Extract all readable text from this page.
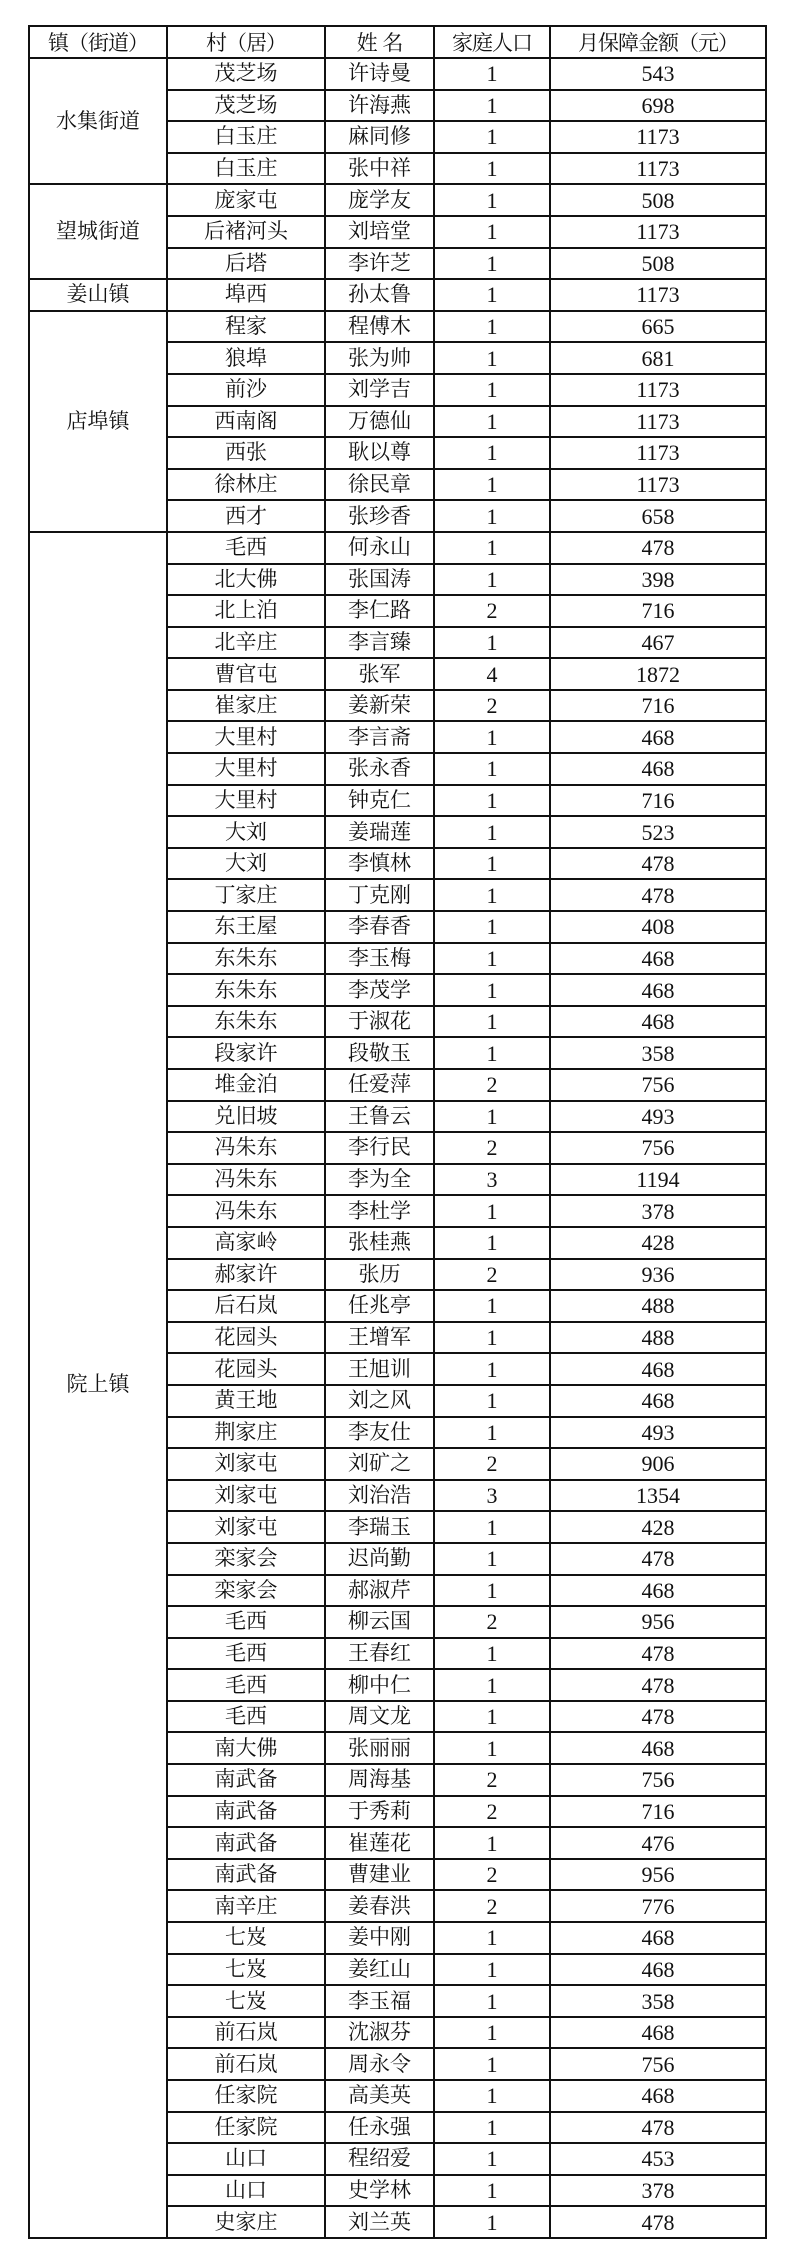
镇（街道）	村（居）	姓 名	家庭人口	月保障金额（元）
水集街道	茂芝场	许诗曼	1	543
	茂芝场	许海燕	1	698
	白玉庄	麻同修	1	1173
	白玉庄	张中祥	1	1173
望城街道	庞家屯	庞学友	1	508
	后褚河头	刘培堂	1	1173
	后塔	李许芝	1	508
姜山镇	埠西	孙太鲁	1	1173
店埠镇	程家	程傅木	1	665
	狼埠	张为帅	1	681
	前沙	刘学吉	1	1173
	西南阁	万德仙	1	1173
	西张	耿以尊	1	1173
	徐林庄	徐民章	1	1173
	西才	张珍香	1	658
院上镇	毛西	何永山	1	478
	北大佛	张国涛	1	398
	北上泊	李仁路	2	716
	北辛庄	李言臻	1	467
	曹官屯	张军	4	1872
	崔家庄	姜新荣	2	716
	大里村	李言斋	1	468
	大里村	张永香	1	468
	大里村	钟克仁	1	716
	大刘	姜瑞莲	1	523
	大刘	李慎林	1	478
	丁家庄	丁克刚	1	478
	东王屋	李春香	1	408
	东朱东	李玉梅	1	468
	东朱东	李茂学	1	468
	东朱东	于淑花	1	468
	段家许	段敬玉	1	358
	堆金泊	任爱萍	2	756
	兑旧坡	王鲁云	1	493
	冯朱东	李行民	2	756
	冯朱东	李为全	3	1194
	冯朱东	李杜学	1	378
	高家岭	张桂燕	1	428
	郝家许	张历	2	936
	后石岚	任兆亭	1	488
	花园头	王增军	1	488
	花园头	王旭训	1	468
	黄王地	刘之风	1	468
	荆家庄	李友仕	1	493
	刘家屯	刘矿之	2	906
	刘家屯	刘治浩	3	1354
	刘家屯	李瑞玉	1	428
	栾家会	迟尚勤	1	478
	栾家会	郝淑芹	1	468
	毛西	柳云国	2	956
	毛西	王春红	1	478
	毛西	柳中仁	1	478
	毛西	周文龙	1	478
	南大佛	张丽丽	1	468
	南武备	周海基	2	756
	南武备	于秀莉	2	716
	南武备	崔莲花	1	476
	南武备	曹建业	2	956
	南辛庄	姜春洪	2	776
	七岌	姜中刚	1	468
	七岌	姜红山	1	468
	七岌	李玉福	1	358
	前石岚	沈淑芬	1	468
	前石岚	周永令	1	756
	任家院	高美英	1	468
	任家院	任永强	1	478
	山口	程绍爱	1	453
	山口	史学林	1	378
	史家庄	刘兰英	1	478
